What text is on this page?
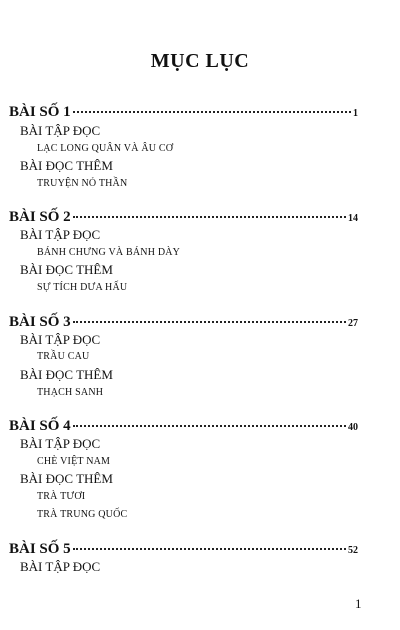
MỤC LỤC
BÀI SỐ 1	1
BÀI TẬP ĐỌC
LẠC LONG QUÂN VÀ ÂU CƠ
BÀI ĐỌC THÊM
TRUYỆN NỎ THẦN
BÀI SỐ 2	14
BÀI TẬP ĐỌC
BÁNH CHƯNG VÀ BÁNH DÀY
BÀI ĐỌC THÊM
SỰ TÍCH DƯA HẤU
BÀI SỐ 3	27
BÀI TẬP ĐỌC
TRẦU CAU
BÀI ĐỌC THÊM
THẠCH SANH
BÀI SỐ 4	40
BÀI TẬP ĐỌC
CHÈ VIỆT NAM
BÀI ĐỌC THÊM
TRÀ TƯƠI
TRÀ TRUNG QUỐC
BÀI SỐ 5	52
BÀI TẬP ĐỌC
1
